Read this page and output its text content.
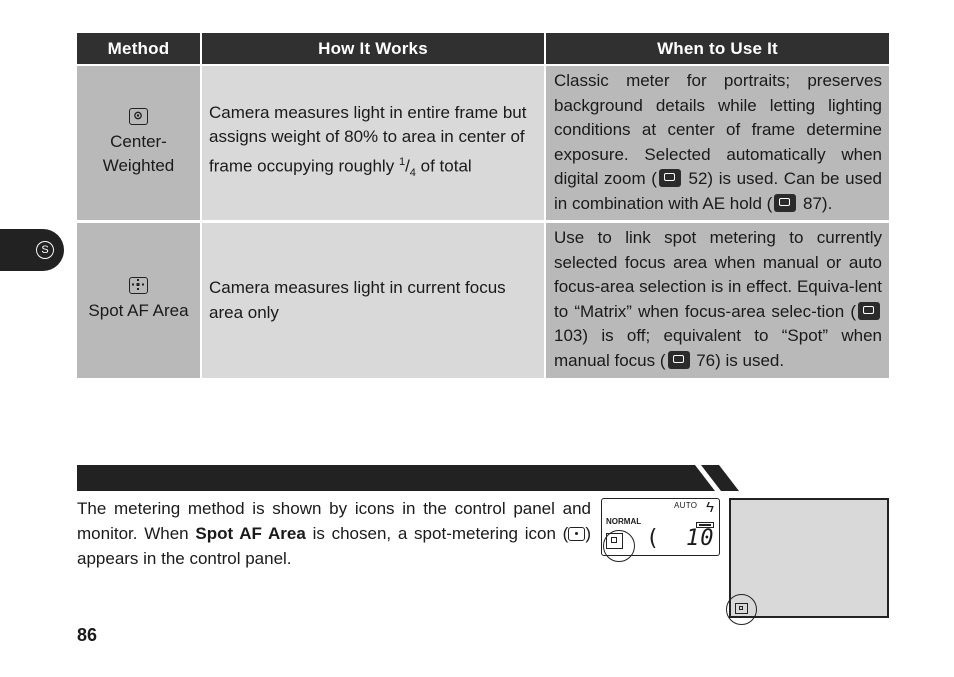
Method	How It Works	When to Use It
Center-
Weighted
Camera measures light in entire frame but assigns weight of 80% to area in center of frame occupying roughly $^1/_4$ of total
Classic meter for portraits; preserves background details while letting lighting conditions at center of frame determine exposure. Selected automatically when digital zoom ( 52) is used. Can be used in combination with AE hold ( 87).
Spot AF Area
Camera measures light in current focus area only
Use to link spot metering to currently selected focus area when manual or auto focus-area selection is in effect. Equiva-lent to “Matrix” when focus-area selec-tion ( 103) is off; equivalent to “Spot” when manual focus ( 76) is used.
S
The metering method is shown by icons in the control panel and monitor. When Spot AF Area is chosen, a spot-metering icon ( ) appears in the control panel.
AUTO ϟ
NORMAL
( 10
86
